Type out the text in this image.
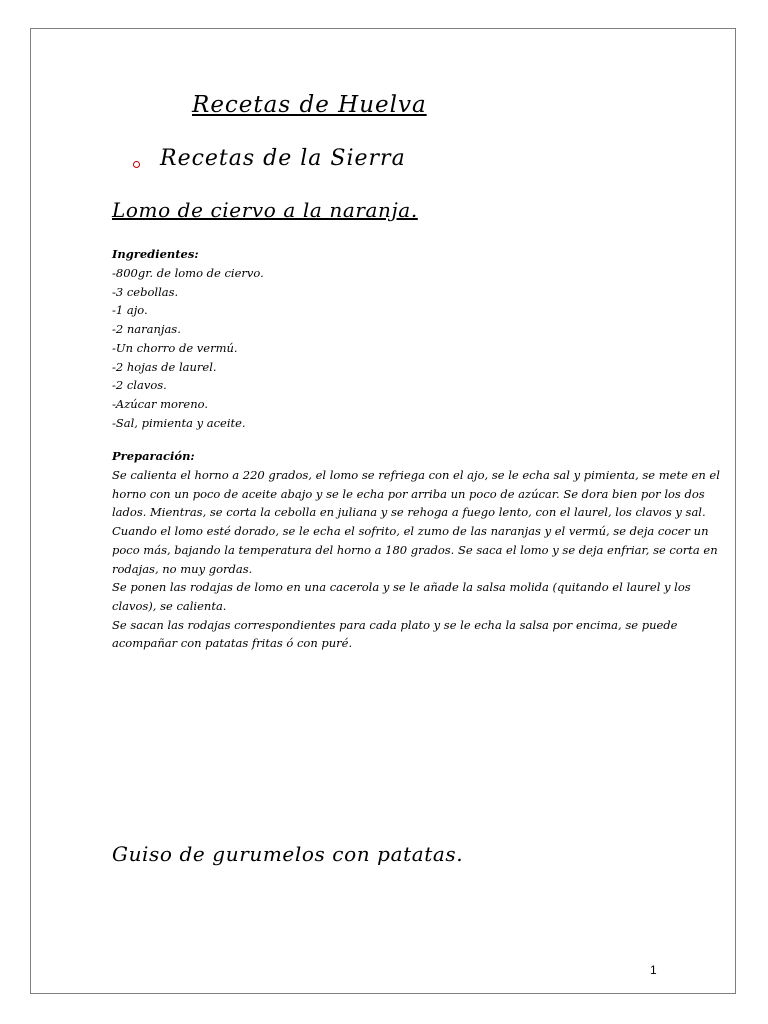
Recetas de Huelva
Recetas de la Sierra
Lomo de ciervo a la naranja.

Ingredientes:

-800gr. de lomo de ciervo.
-3 cebollas.
-1 ajo.
-2 naranjas.
-Un chorro de vermú.
-2 hojas de laurel.
-2 clavos.
-Azúcar moreno.
-Sal, pimienta y aceite.

Preparación:

Se calienta el horno a 220 grados, el lomo se refriega con el ajo, se le echa sal y pimienta, se mete en el

horno con un poco de aceite abajo y se le echa por arriba un poco de azúcar. Se dora bien por los dos

lados. Mientras, se corta la cebolla en juliana y se rehoga a fuego lento, con el laurel, los clavos y sal.

Cuando el lomo esté dorado, se le echa el sofrito, el zumo de las naranjas y el vermú, se deja cocer un

poco más, bajando la temperatura del horno a 180 grados. Se saca el lomo y se deja enfriar, se corta en

rodajas, no muy gordas.

Se ponen las rodajas de lomo en una cacerola y se le añade la salsa molida (quitando el laurel y los

clavos), se calienta.

Se sacan las rodajas correspondientes para cada plato y se le echa la salsa por encima, se puede

acompañar con patatas fritas ó con puré.

Guiso de gurumelos con patatas.
1
